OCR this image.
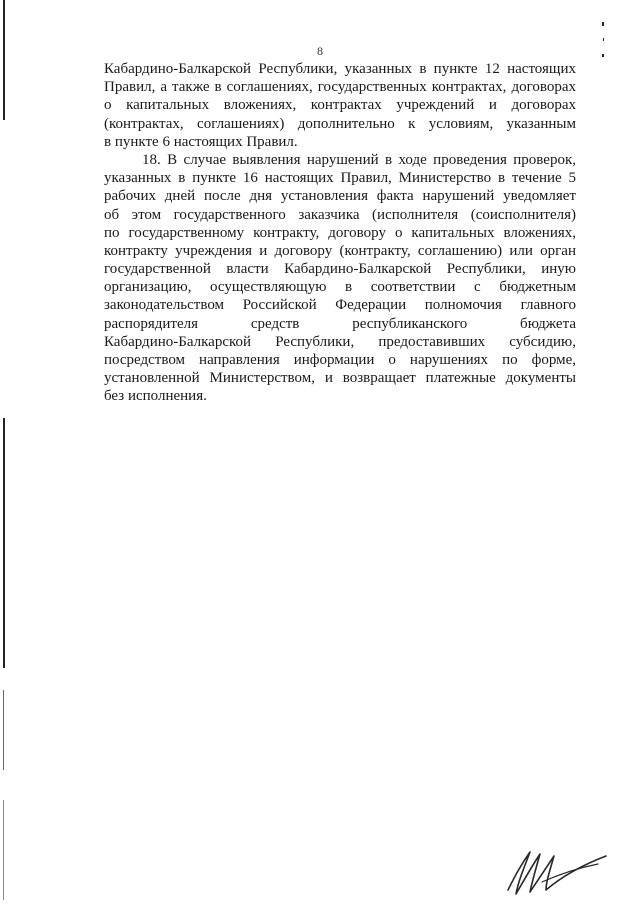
8
Кабардино-Балкарской Республики, указанных в пункте 12 настоящих
Правил, а также в соглашениях, государственных контрактах, договорах
о капитальных вложениях, контрактах учреждений и договорах
(контрактах, соглашениях) дополнительно к условиям, указанным
в пункте 6 настоящих Правил.
18. В случае выявления нарушений в ходе проведения проверок,
указанных в пункте 16 настоящих Правил, Министерство в течение 5
рабочих дней после дня установления факта нарушений уведомляет
об этом государственного заказчика (исполнителя (соисполнителя)
по государственному контракту, договору о капитальных вложениях,
контракту учреждения и договору (контракту, соглашению) или орган
государственной власти Кабардино-Балкарской Республики, иную
организацию, осуществляющую в соответствии с бюджетным
законодательством Российской Федерации полномочия главного
распорядителя средств республиканского бюджета
Кабардино-Балкарской Республики, предоставивших субсидию,
посредством направления информации о нарушениях по форме,
установленной Министерством, и возвращает платежные документы
без исполнения.
